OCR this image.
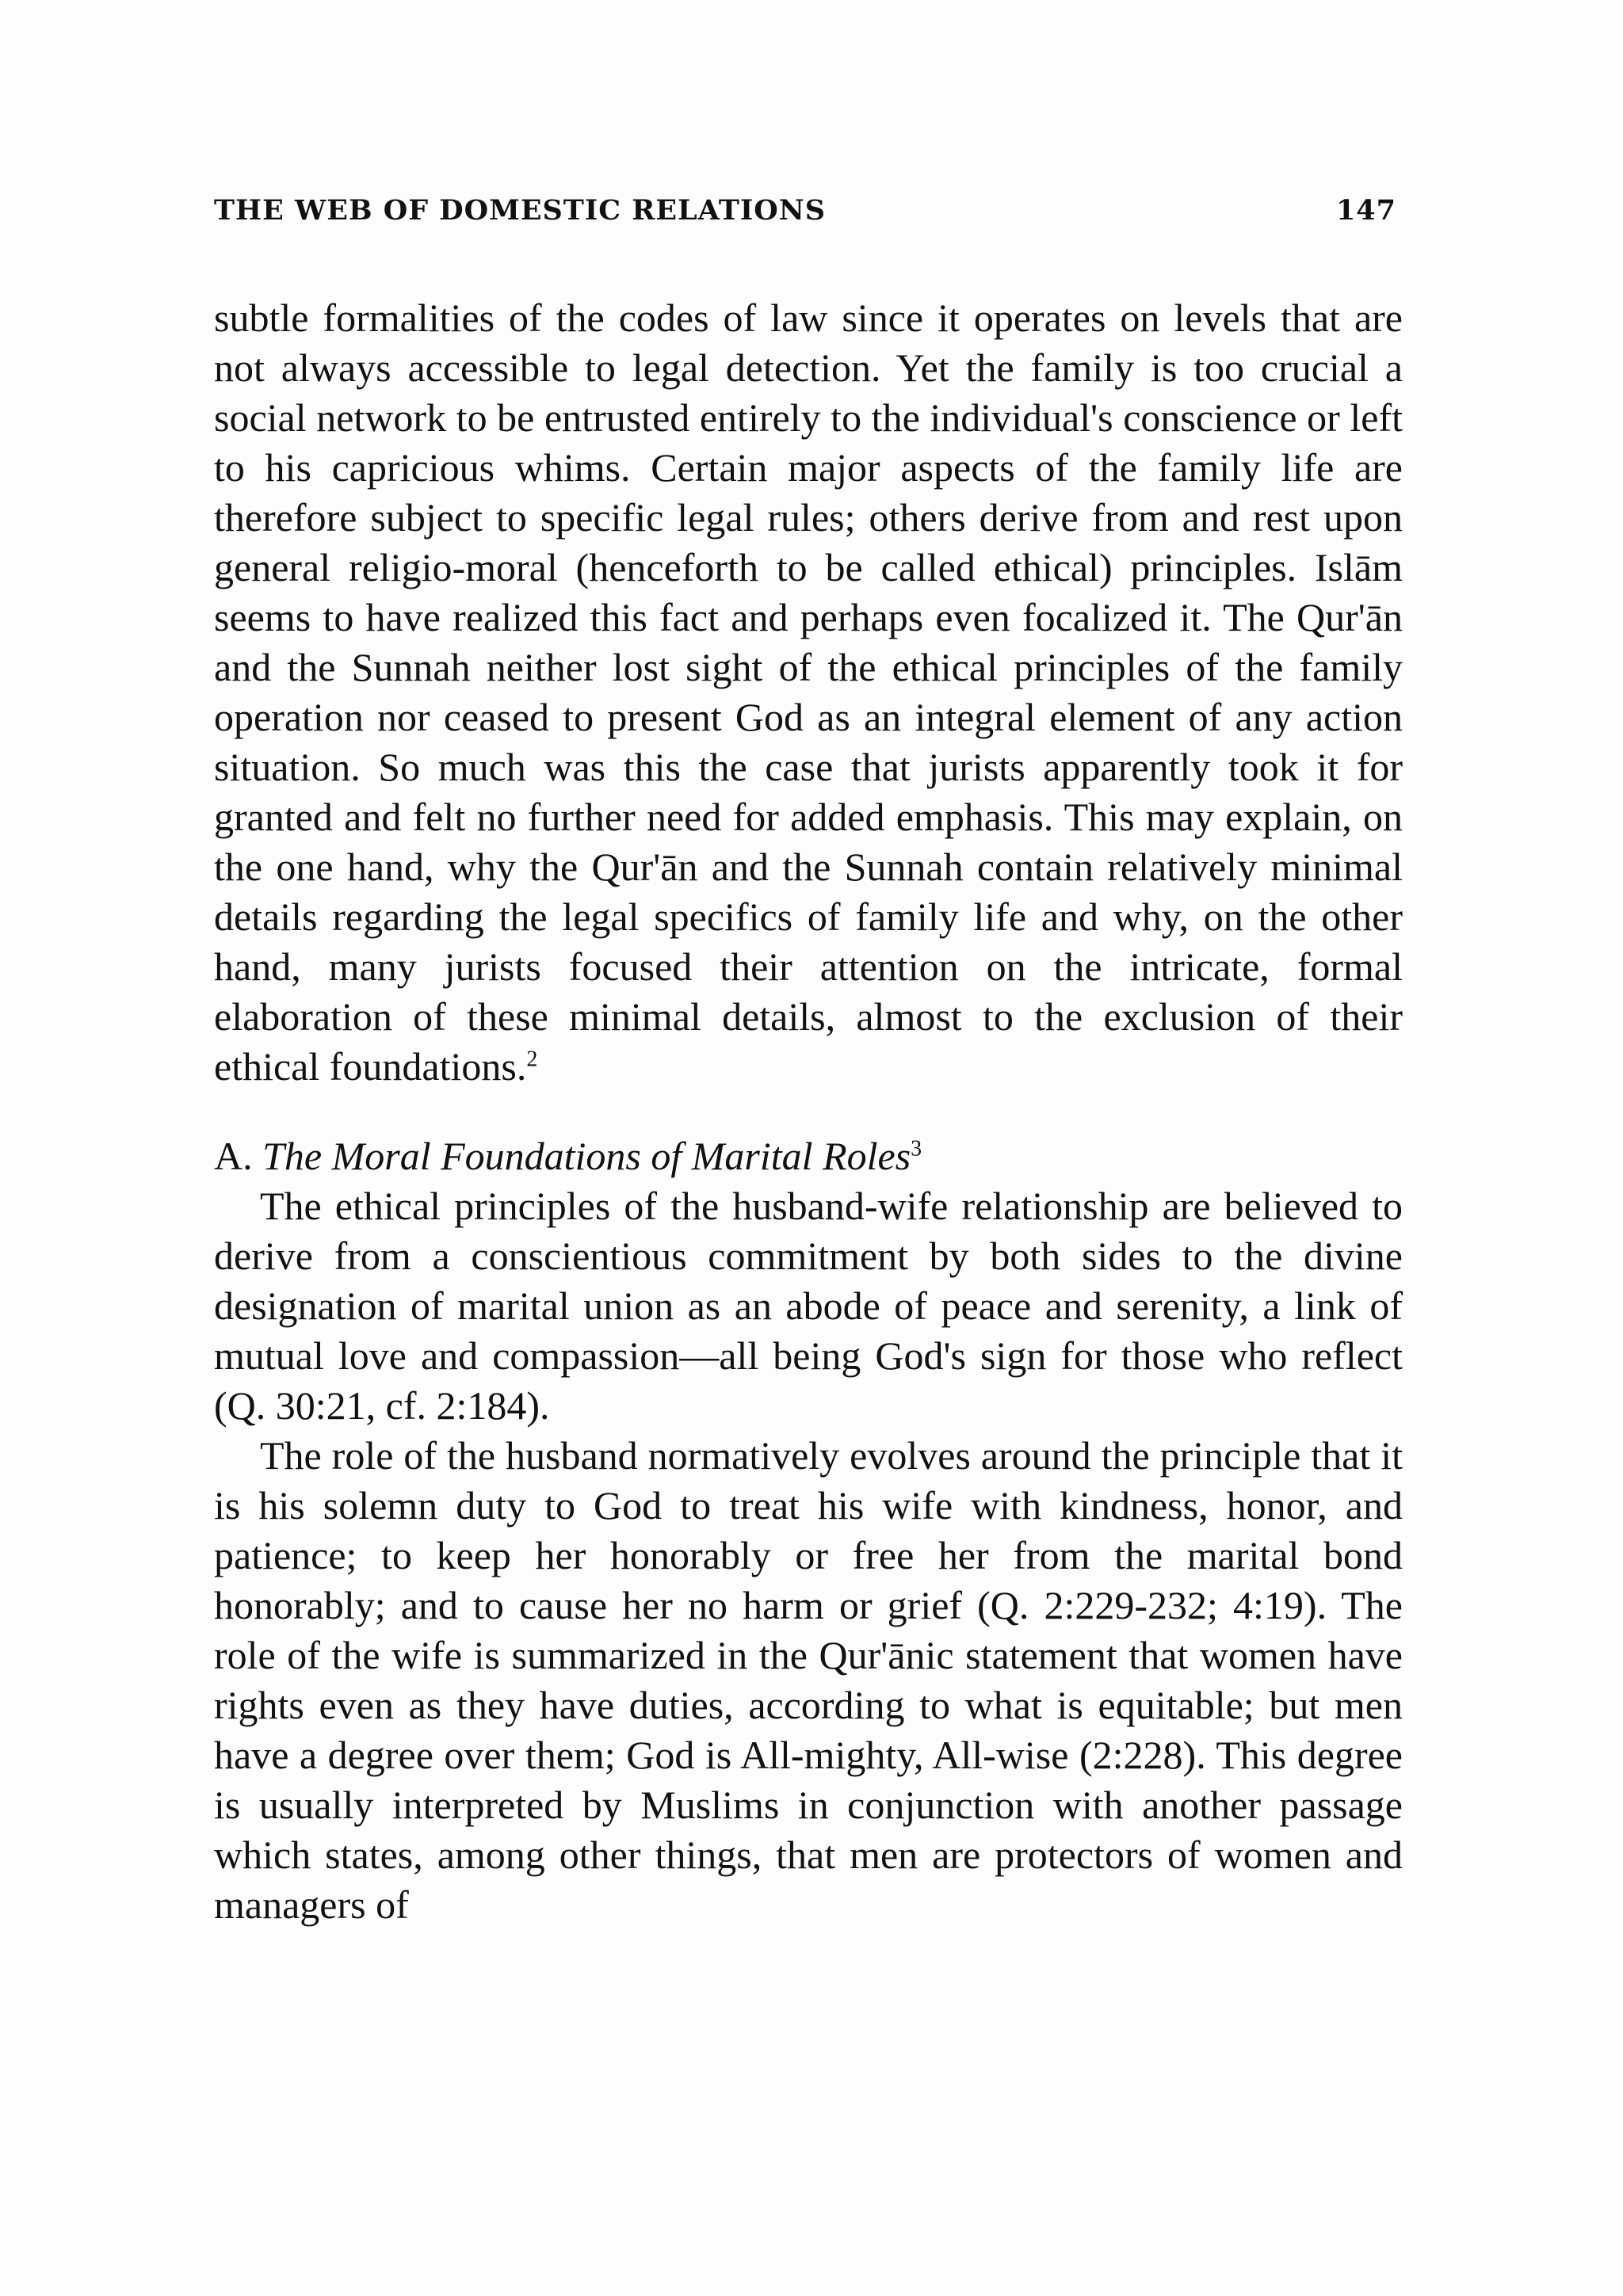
THE WEB OF DOMESTIC RELATIONS	147

subtle formalities of the codes of law since it operates on levels that are not always accessible to legal detection. Yet the family is too crucial a social network to be entrusted entirely to the individual's conscience or left to his capricious whims. Certain major aspects of the family life are therefore subject to specific legal rules; others derive from and rest upon general religio-moral (henceforth to be called ethical) principles. Islām seems to have realized this fact and perhaps even focalized it. The Qur'ān and the Sunnah neither lost sight of the ethical principles of the family operation nor ceased to present God as an integral element of any action situation. So much was this the case that jurists apparently took it for granted and felt no further need for added emphasis. This may explain, on the one hand, why the Qur'ān and the Sunnah contain relatively minimal details regarding the legal specifics of family life and why, on the other hand, many jurists focused their attention on the intricate, formal elaboration of these minimal details, almost to the exclusion of their ethical foundations.$^2$

A. The Moral Foundations of Marital Roles$^3$

The ethical principles of the husband-wife relationship are believed to derive from a conscientious commitment by both sides to the divine designation of marital union as an abode of peace and serenity, a link of mutual love and compassion—all being God's sign for those who reflect (Q. 30:21, cf. 2:184).

The role of the husband normatively evolves around the principle that it is his solemn duty to God to treat his wife with kindness, honor, and patience; to keep her honorably or free her from the marital bond honorably; and to cause her no harm or grief (Q. 2:229-232; 4:19). The role of the wife is summarized in the Qur'ānic statement that women have rights even as they have duties, according to what is equitable; but men have a degree over them; God is All-mighty, All-wise (2:228). This degree is usually interpreted by Muslims in conjunction with another passage which states, among other things, that men are protectors of women and managers of
